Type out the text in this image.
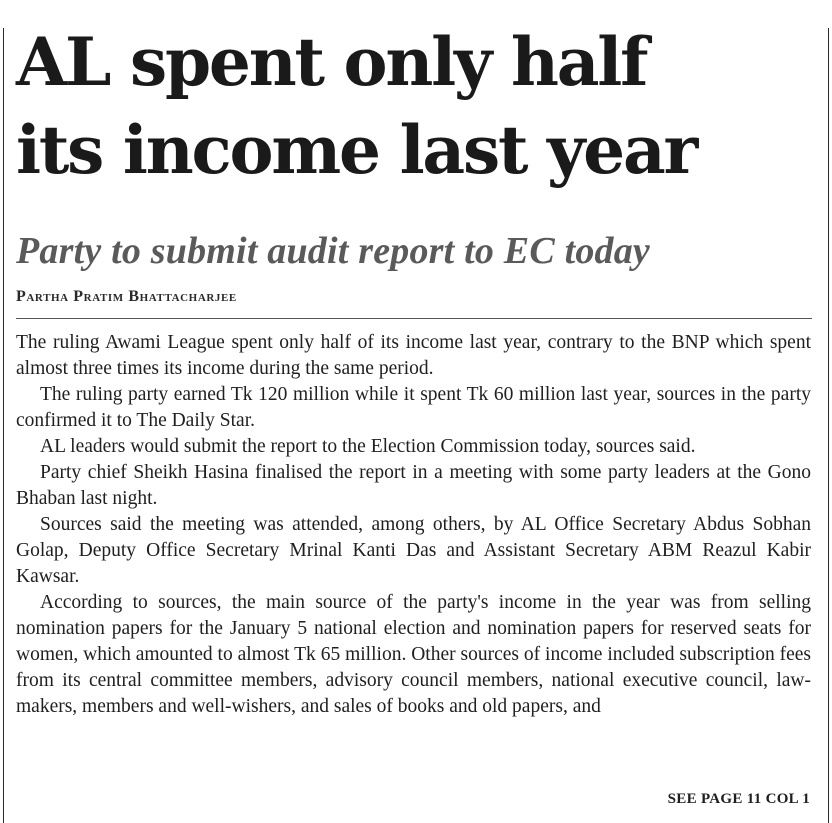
AL spent only half
its income last year
Party to submit audit report to EC today
Partha Pratim Bhattacharjee

The ruling Awami League spent only half of its income last year, contrary to the BNP which spent almost three times its income during the same period.

The ruling party earned Tk 120 million while it spent Tk 60 million last year, sources in the party confirmed it to The Daily Star.

AL leaders would submit the report to the Election Commission today, sources said.

Party chief Sheikh Hasina finalised the report in a meeting with some party leaders at the Gono Bhaban last night.

Sources said the meeting was attended, among others, by AL Office Secretary Abdus Sobhan Golap, Deputy Office Secretary Mrinal Kanti Das and Assistant Secretary ABM Reazul Kabir Kawsar.

According to sources, the main source of the party's income in the year was from selling nomination papers for the January 5 national election and nomination papers for reserved seats for women, which amounted to almost Tk 65 million. Other sources of income included subscription fees from its central committee members, advisory council members, national executive council, lawmakers, members and well-wishers, and sales of books and old papers, and

SEE PAGE 11 COL 1
